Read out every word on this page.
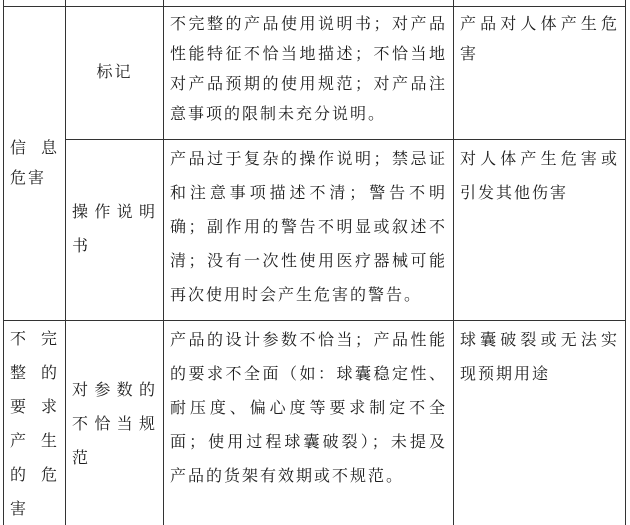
信息危害	标记	不完整的产品使用说明书；对产品性能特征不恰当地描述；不恰当地对产品预期的使用规范；对产品注意事项的限制未充分说明。	产品对人体产生危害
	操作说明书	产品过于复杂的操作说明；禁忌证和注意事项描述不清；警告不明确；副作用的警告不明显或叙述不清；没有一次性使用医疗器械可能再次使用时会产生危害的警告。	对人体产生危害或引发其他伤害
不完整的要求产生的危害	对参数的不恰当规范	产品的设计参数不恰当；产品性能的要求不全面（如：球囊稳定性、耐压度、偏心度等要求制定不全面；使用过程球囊破裂）；未提及产品的货架有效期或不规范。	球囊破裂或无法实现预期用途
